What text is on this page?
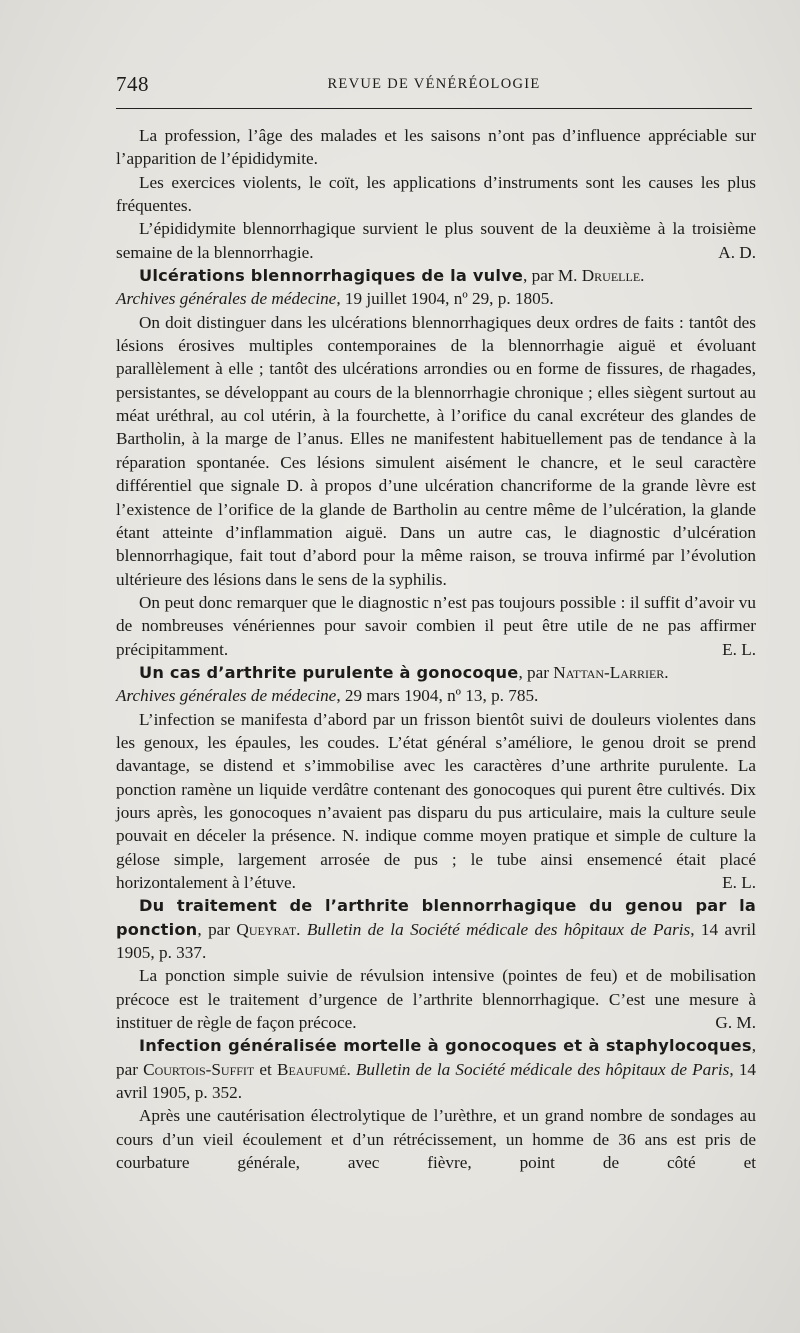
748	REVUE DE VÉNÉRÉOLOGIE

La profession, l’âge des malades et les saisons n’ont pas d’influence appréciable sur l’apparition de l’épididymite.

Les exercices violents, le coït, les applications d’instruments sont les causes les plus fréquentes.

L’épididymite blennorrhagique survient le plus souvent de la deuxième à la troisième semaine de la blennorrhagie.	A. D.

Ulcérations blennorrhagiques de la vulve, par M. Druelle.

Archives générales de médecine, 19 juillet 1904, nº 29, p. 1805.

On doit distinguer dans les ulcérations blennorrhagiques deux ordres de faits : tantôt des lésions érosives multiples contemporaines de la blennorrhagie aiguë et évoluant parallèlement à elle ; tantôt des ulcérations arrondies ou en forme de fissures, de rhagades, persistantes, se développant au cours de la blennorrhagie chronique ; elles siègent surtout au méat uréthral, au col utérin, à la fourchette, à l’orifice du canal excréteur des glandes de Bartholin, à la marge de l’anus. Elles ne manifestent habituellement pas de tendance à la réparation spontanée. Ces lésions simulent aisément le chancre, et le seul caractère différentiel que signale D. à propos d’une ulcération chancriforme de la grande lèvre est l’existence de l’orifice de la glande de Bartholin au centre même de l’ulcération, la glande étant atteinte d’inflammation aiguë. Dans un autre cas, le diagnostic d’ulcération blennorrhagique, fait tout d’abord pour la même raison, se trouva infirmé par l’évolution ultérieure des lésions dans le sens de la syphilis.

On peut donc remarquer que le diagnostic n’est pas toujours possible : il suffit d’avoir vu de nombreuses vénériennes pour savoir combien il peut être utile de ne pas affirmer précipitamment.	E. L.

Un cas d’arthrite purulente à gonocoque, par Nattan-Larrier.

Archives générales de médecine, 29 mars 1904, nº 13, p. 785.

L’infection se manifesta d’abord par un frisson bientôt suivi de douleurs violentes dans les genoux, les épaules, les coudes. L’état général s’améliore, le genou droit se prend davantage, se distend et s’immobilise avec les caractères d’une arthrite purulente. La ponction ramène un liquide verdâtre contenant des gonocoques qui purent être cultivés. Dix jours après, les gonocoques n’avaient pas disparu du pus articulaire, mais la culture seule pouvait en déceler la présence. N. indique comme moyen pratique et simple de culture la gélose simple, largement arrosée de pus ; le tube ainsi ensemencé était placé horizontalement à l’étuve.	E. L.

Du traitement de l’arthrite blennorrhagique du genou par la ponction, par Queyrat. Bulletin de la Société médicale des hôpitaux de Paris, 14 avril 1905, p. 337.

La ponction simple suivie de révulsion intensive (pointes de feu) et de mobilisation précoce est le traitement d’urgence de l’arthrite blennorrhagique. C’est une mesure à instituer de règle de façon précoce.	G. M.

Infection généralisée mortelle à gonocoques et à staphylocoques, par Courtois-Suffit et Beaufumé. Bulletin de la Société médicale des hôpitaux de Paris, 14 avril 1905, p. 352.

Après une cautérisation électrolytique de l’urèthre, et un grand nombre de sondages au cours d’un vieil écoulement et d’un rétrécissement, un homme de 36 ans est pris de courbature générale, avec fièvre, point de côté et
